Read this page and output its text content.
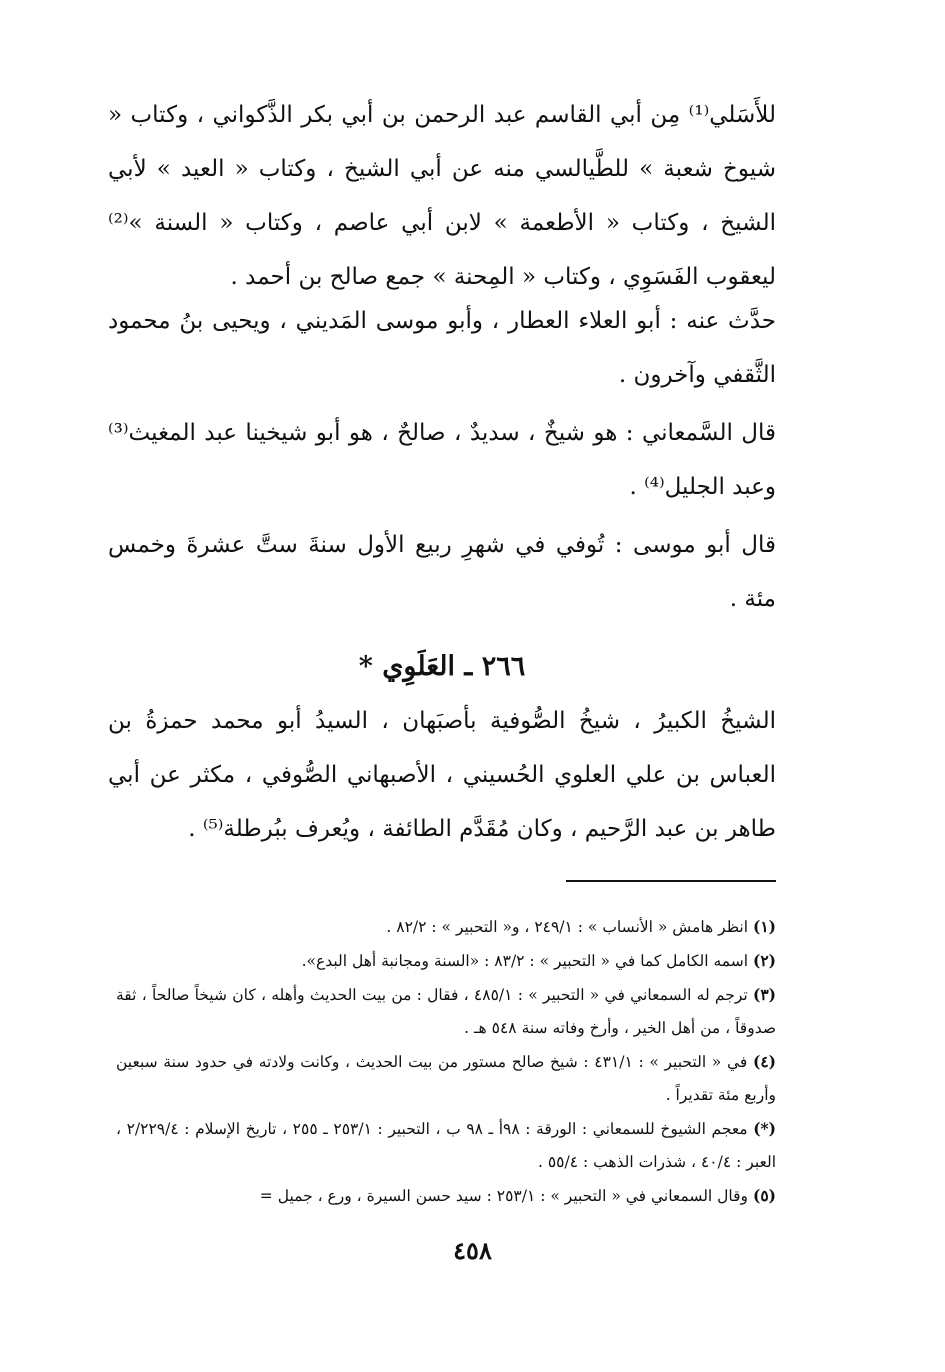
للأَسَلي⁽¹⁾ مِن أبي القاسم عبد الرحمن بن أبي بكر الذَّكواني ، وكتاب « شيوخ شعبة » للطَّيالسي منه عن أبي الشيخ ، وكتاب « العيد » لأبي الشيخ ، وكتاب « الأطعمة » لابن أبي عاصم ، وكتاب « السنة »⁽²⁾ ليعقوب الفَسَوِي ، وكتاب « المِحنة » جمع صالح بن أحمد .

حدَّث عنه : أبو العلاء العطار ، وأبو موسى المَديني ، ويحيى بنُ محمود الثَّقفي وآخرون .

قال السَّمعاني : هو شيخٌ ، سديدٌ ، صالحٌ ، هو أبو شيخينا عبد المغيث⁽³⁾ وعبد الجليل⁽⁴⁾ .

قال أبو موسى : تُوفي في شهرِ ربيع الأول سنةَ ستَّ عشرةَ وخمس مئة .

٢٦٦ ـ العَلَوِي *

الشيخُ الكبيرُ ، شيخُ الصُّوفية بأصبَهان ، السيدُ أبو محمد حمزةُ بن العباس بن علي العلوي الحُسيني ، الأصبهاني الصُّوفي ، مكثر عن أبي طاهر بن عبد الرَّحيم ، وكان مُقَدَّم الطائفة ، ويُعرف ببُرطلة⁽⁵⁾ .

(١) انظر هامش « الأنساب » : ٢٤٩/١ ، و« التحبير » : ٨٢/٢ .

(٢) اسمه الكامل كما في « التحبير » : ٨٣/٢ : «السنة ومجانبة أهل البدع».

(٣) ترجم له السمعاني في « التحبير » : ٤٨٥/١ ، فقال : من بيت الحديث وأهله ، كان شيخاً صالحاً ، ثقة صدوقاً ، من أهل الخير ، وأرخ وفاته سنة ٥٤٨ هـ .

(٤) في « التحبير » : ٤٣١/١ : شيخ صالح مستور من بيت الحديث ، وكانت ولادته في حدود سنة سبعين وأربع مئة تقديراً .

(*) معجم الشيوخ للسمعاني : الورقة : ٩٨أ ـ ٩٨ ب ، التحبير : ٢٥٣/١ ـ ٢٥٥ ، تاريخ الإسلام : ٢/٢٢٩/٤ ، العبر : ٤٠/٤ ، شذرات الذهب : ٥٥/٤ .

(٥) وقال السمعاني في « التحبير » : ٢٥٣/١ : سيد حسن السيرة ، ورع ، جميل =

٤٥٨
